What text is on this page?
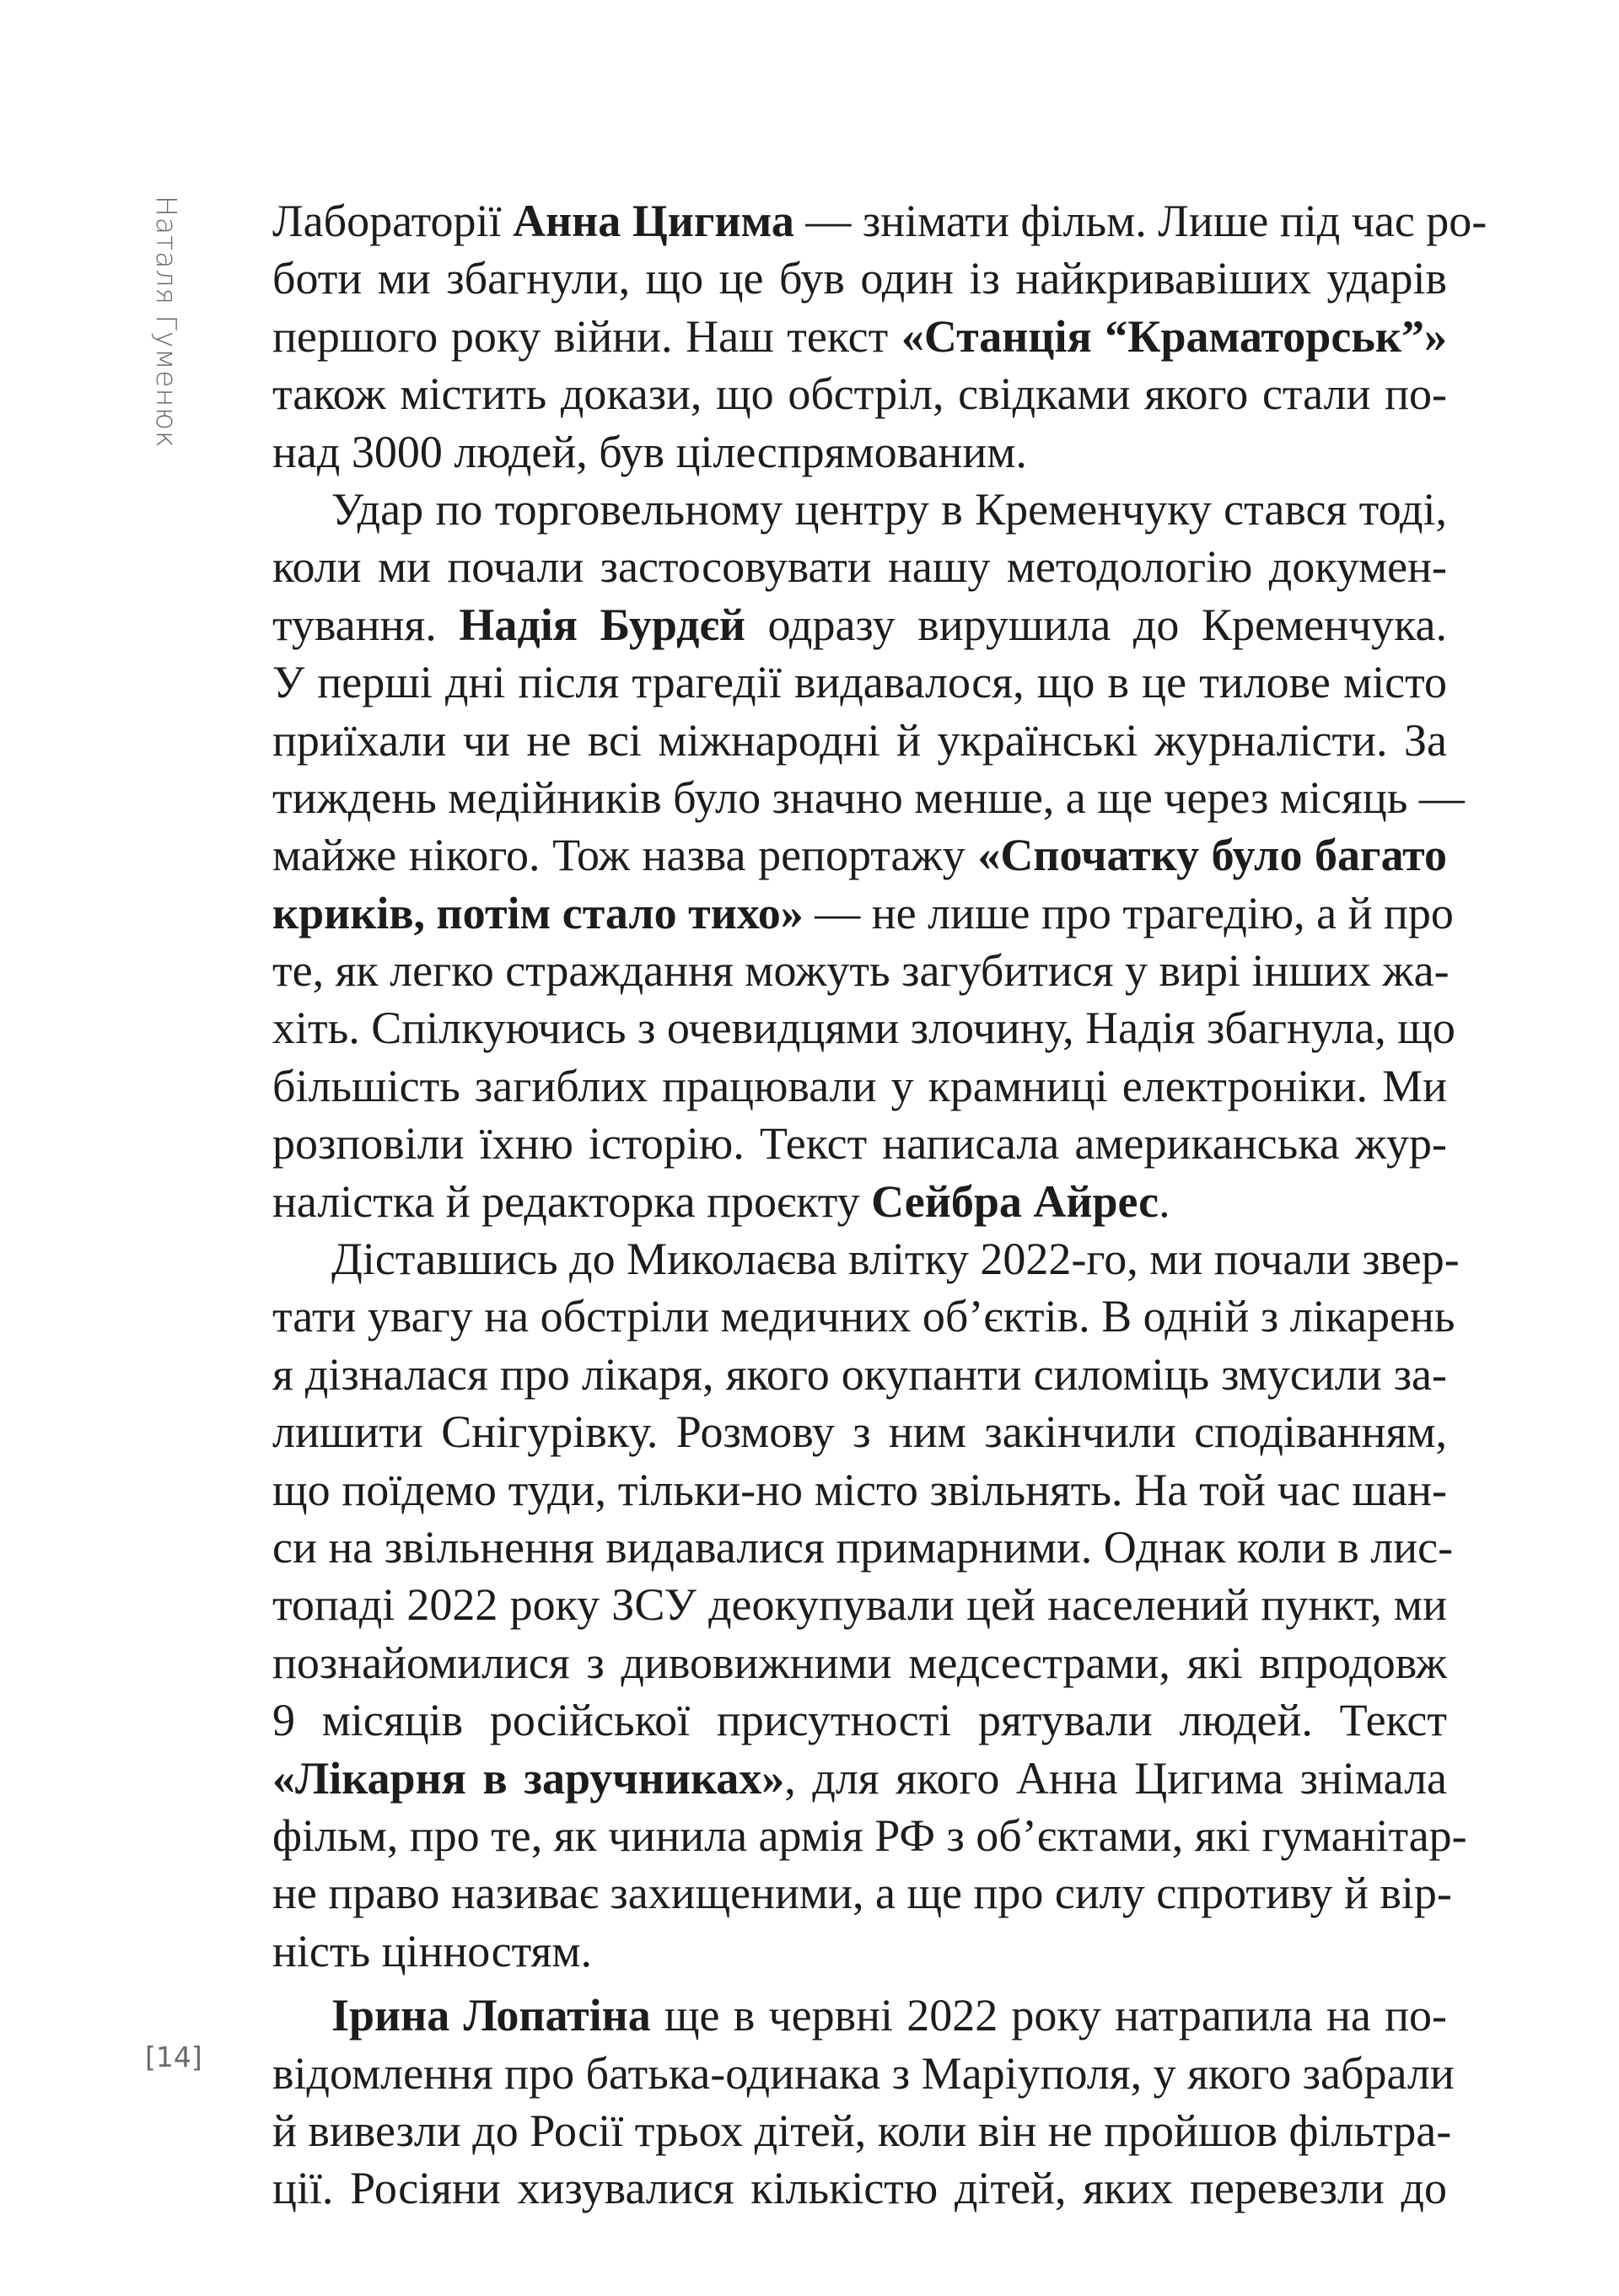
Наталя Гуменюк
[14]
Лабораторії Анна Цигима — знімати фільм. Лише під час ро-
боти ми збагнули, що це був один із найкривавіших ударів
першого року війни. Наш текст «Станція “Краматорськ”»
також містить докази, що обстріл, свідками якого стали по-
над 3000 людей, був цілеспрямованим.
Удар по торговельному центру в Кременчуку стався тоді,
коли ми почали застосовувати нашу методологію докумен-
тування. Надія Бурдєй одразу вирушила до Кременчука.
У перші дні після трагедії видавалося, що в це тилове місто
приїхали чи не всі міжнародні й українські журналісти. За
тиждень медійників було значно менше, а ще через місяць —
майже нікого. Тож назва репортажу «Спочатку було багато
криків, потім стало тихо» — не лише про трагедію, а й про
те, як легко страждання можуть загубитися у вирі інших жа-
хіть. Спілкуючись з очевидцями злочину, Надія збагнула, що
більшість загиблих працювали у крамниці електроніки. Ми
розповіли їхню історію. Текст написала американська жур-
налістка й редакторка проєкту Сейбра Айрес.
Діставшись до Миколаєва влітку 2022-го, ми почали звер-
тати увагу на обстріли медичних об’єктів. В одній з лікарень
я дізналася про лікаря, якого окупанти силоміць змусили за-
лишити Снігурівку. Розмову з ним закінчили сподіванням,
що поїдемо туди, тільки-но місто звільнять. На той час шан-
си на звільнення видавалися примарними. Однак коли в лис-
топаді 2022 року ЗСУ деокупували цей населений пункт, ми
познайомилися з дивовижними медсестрами, які впродовж
9 місяців російської присутності рятували людей. Текст
«Лікарня в заручниках», для якого Анна Цигима знімала
фільм, про те, як чинила армія РФ з об’єктами, які гуманітар-
не право називає захищеними, а ще про силу спротиву й вір-
ність цінностям.
Ірина Лопатіна ще в червні 2022 року натрапила на по-
відомлення про батька-одинака з Маріуполя, у якого забрали
й вивезли до Росії трьох дітей, коли він не пройшов фільтра-
ції. Росіяни хизувалися кількістю дітей, яких перевезли до
